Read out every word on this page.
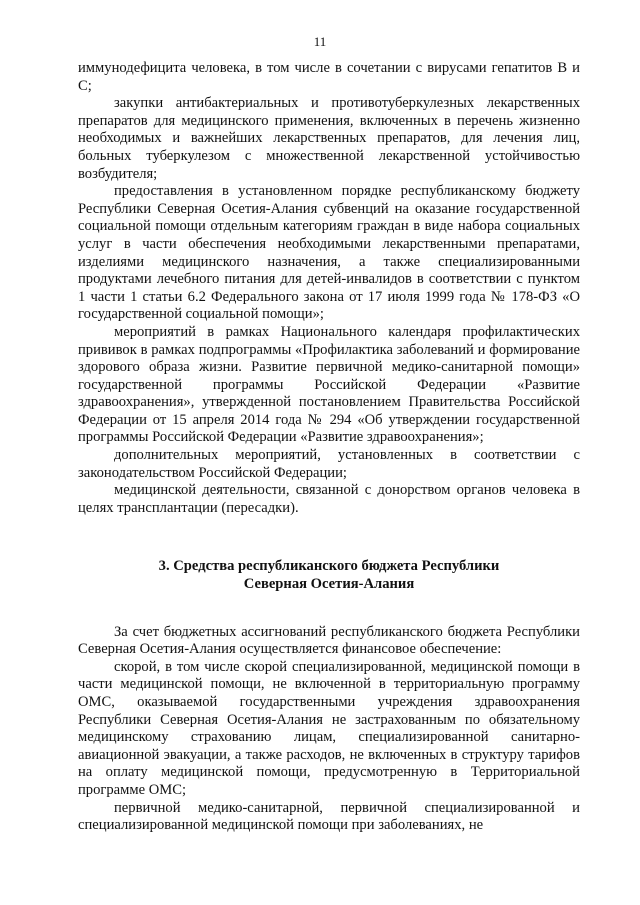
11

иммунодефицита человека, в том числе в сочетании с вирусами гепатитов В и С;

закупки антибактериальных и противотуберкулезных лекарственных препаратов для медицинского применения, включенных в перечень жизненно необходимых и важнейших лекарственных препаратов, для лечения лиц, больных туберкулезом с множественной лекарственной устойчивостью возбудителя;

предоставления в установленном порядке республиканскому бюджету Республики Северная Осетия-Алания субвенций на оказание государственной социальной помощи отдельным категориям граждан в виде набора социальных услуг в части обеспечения необходимыми лекарственными препаратами, изделиями медицинского назначения, а также специализированными продуктами лечебного питания для детей-инвалидов в соответствии с пунктом 1 части 1 статьи 6.2 Федерального закона от 17 июля 1999 года № 178-ФЗ «О государственной социальной помощи»;

мероприятий в рамках Национального календаря профилактических прививок в рамках подпрограммы «Профилактика заболеваний и формирование здорового образа жизни. Развитие первичной медико-санитарной помощи» государственной программы Российской Федерации «Развитие здравоохранения», утвержденной постановлением Правительства Российской Федерации от 15 апреля 2014 года № 294 «Об утверждении государственной программы Российской Федерации «Развитие здравоохранения»;

дополнительных мероприятий, установленных в соответствии с законодательством Российской Федерации;

медицинской деятельности, связанной с донорством органов человека в целях трансплантации (пересадки).

3. Средства республиканского бюджета Республики
Северная Осетия-Алания

За счет бюджетных ассигнований республиканского бюджета Республики Северная Осетия-Алания осуществляется финансовое обеспечение:

скорой, в том числе скорой специализированной, медицинской помощи в части медицинской помощи, не включенной в территориальную программу ОМС, оказываемой государственными учреждения здравоохранения Республики Северная Осетия-Алания не застрахованным по обязательному медицинскому страхованию лицам, специализированной санитарно-авиационной эвакуации, а также расходов, не включенных в структуру тарифов на оплату медицинской помощи, предусмотренную в Территориальной программе ОМС;

первичной медико-санитарной, первичной специализированной и специализированной медицинской помощи при заболеваниях, не
